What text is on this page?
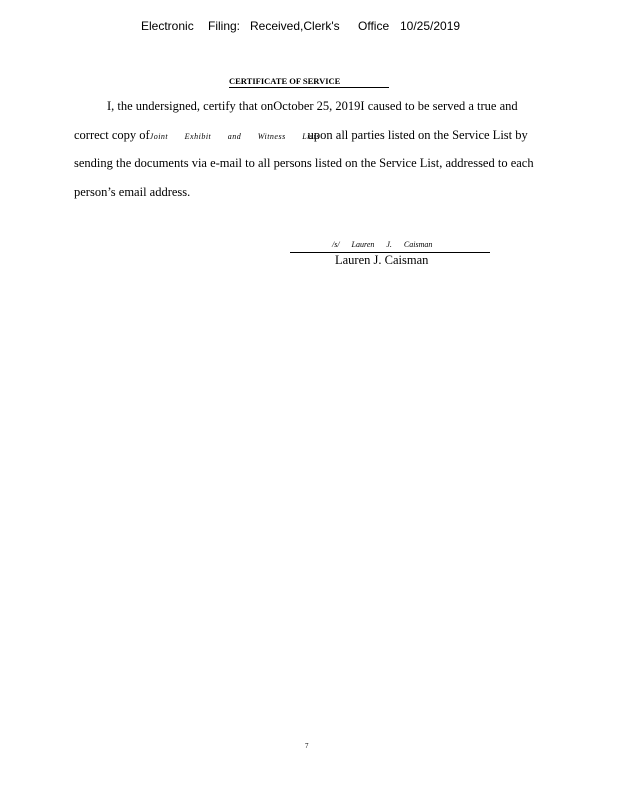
Electronic Filing: Received,Clerk's Office 10/25/2019
CERTIFICATE OF SERVICE
I, the undersigned, certify that onOctober 25, 2019I caused to be served a true and
correct copy ofJoint Exhibit and Witness Listsupon all parties listed on the Service List by
sending the documents via e-mail to all persons listed on the Service List, addressed to each
person’s email address.
/s/ Lauren J. Caisman
Lauren J. Caisman
7
